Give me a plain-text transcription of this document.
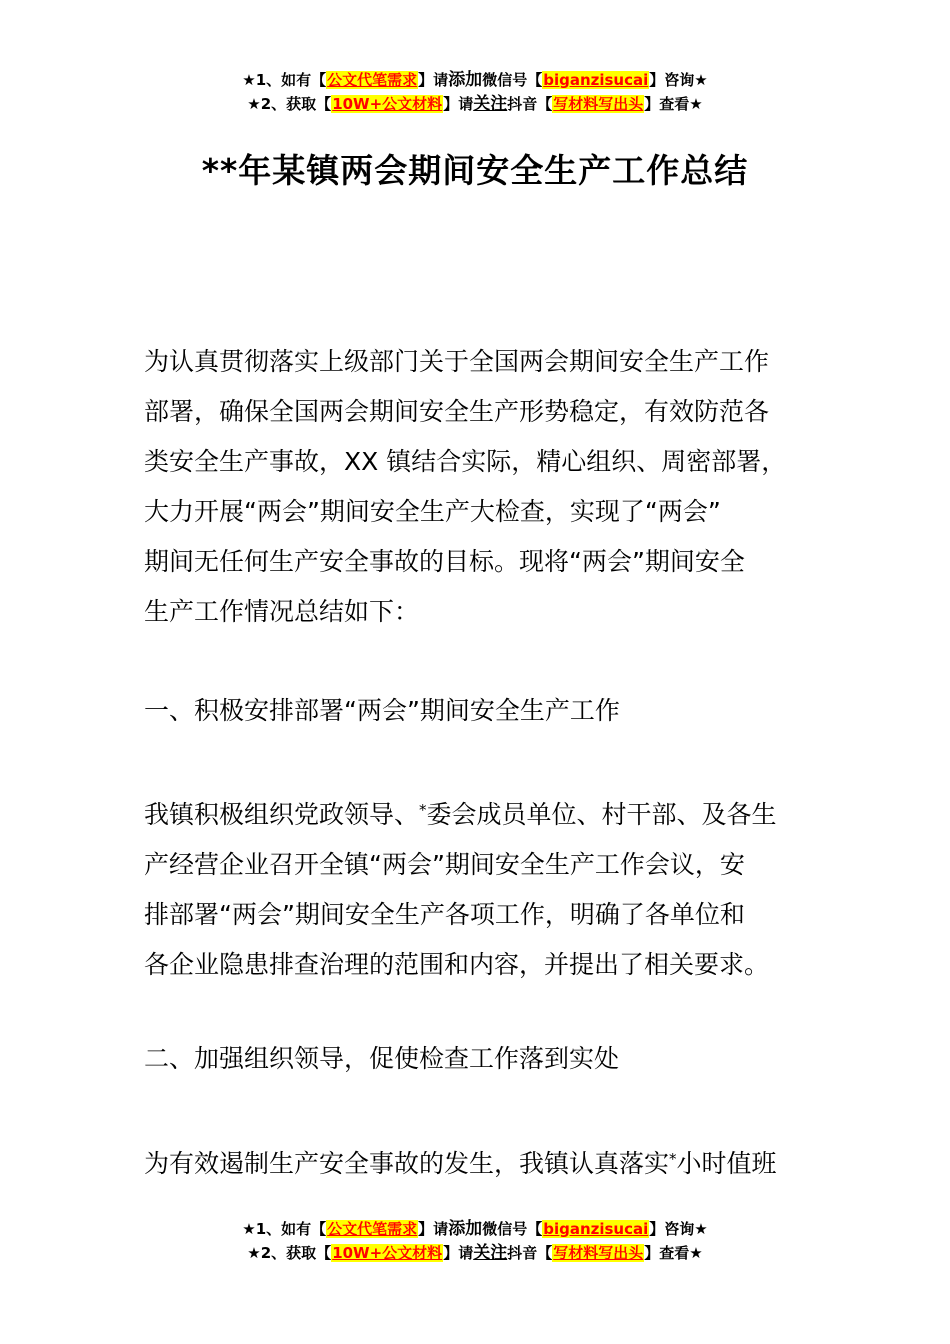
★1、如有【公文代笔需求】请添加微信号【biganzisucai】咨询★
★2、获取【10W+公文材料】请关注抖音【写材料写出头】查看★
**年某镇两会期间安全生产工作总结

为认真贯彻落实上级部门关于全国两会期间安全生产工作
部署，确保全国两会期间安全生产形势稳定，有效防范各
类安全生产事故，XX 镇结合实际，精心组织、周密部署，
大力开展“两会”期间安全生产大检查，实现了“两会”
期间无任何生产安全事故的目标。现将“两会”期间安全
生产工作情况总结如下：

一、积极安排部署“两会”期间安全生产工作

我镇积极组织党政领导、*委会成员单位、村干部、及各生
产经营企业召开全镇“两会”期间安全生产工作会议，安
排部署“两会”期间安全生产各项工作，明确了各单位和
各企业隐患排查治理的范围和内容，并提出了相关要求。

二、加强组织领导，促使检查工作落到实处

为有效遏制生产安全事故的发生，我镇认真落实*小时值班

★1、如有【公文代笔需求】请添加微信号【biganzisucai】咨询★
★2、获取【10W+公文材料】请关注抖音【写材料写出头】查看★
